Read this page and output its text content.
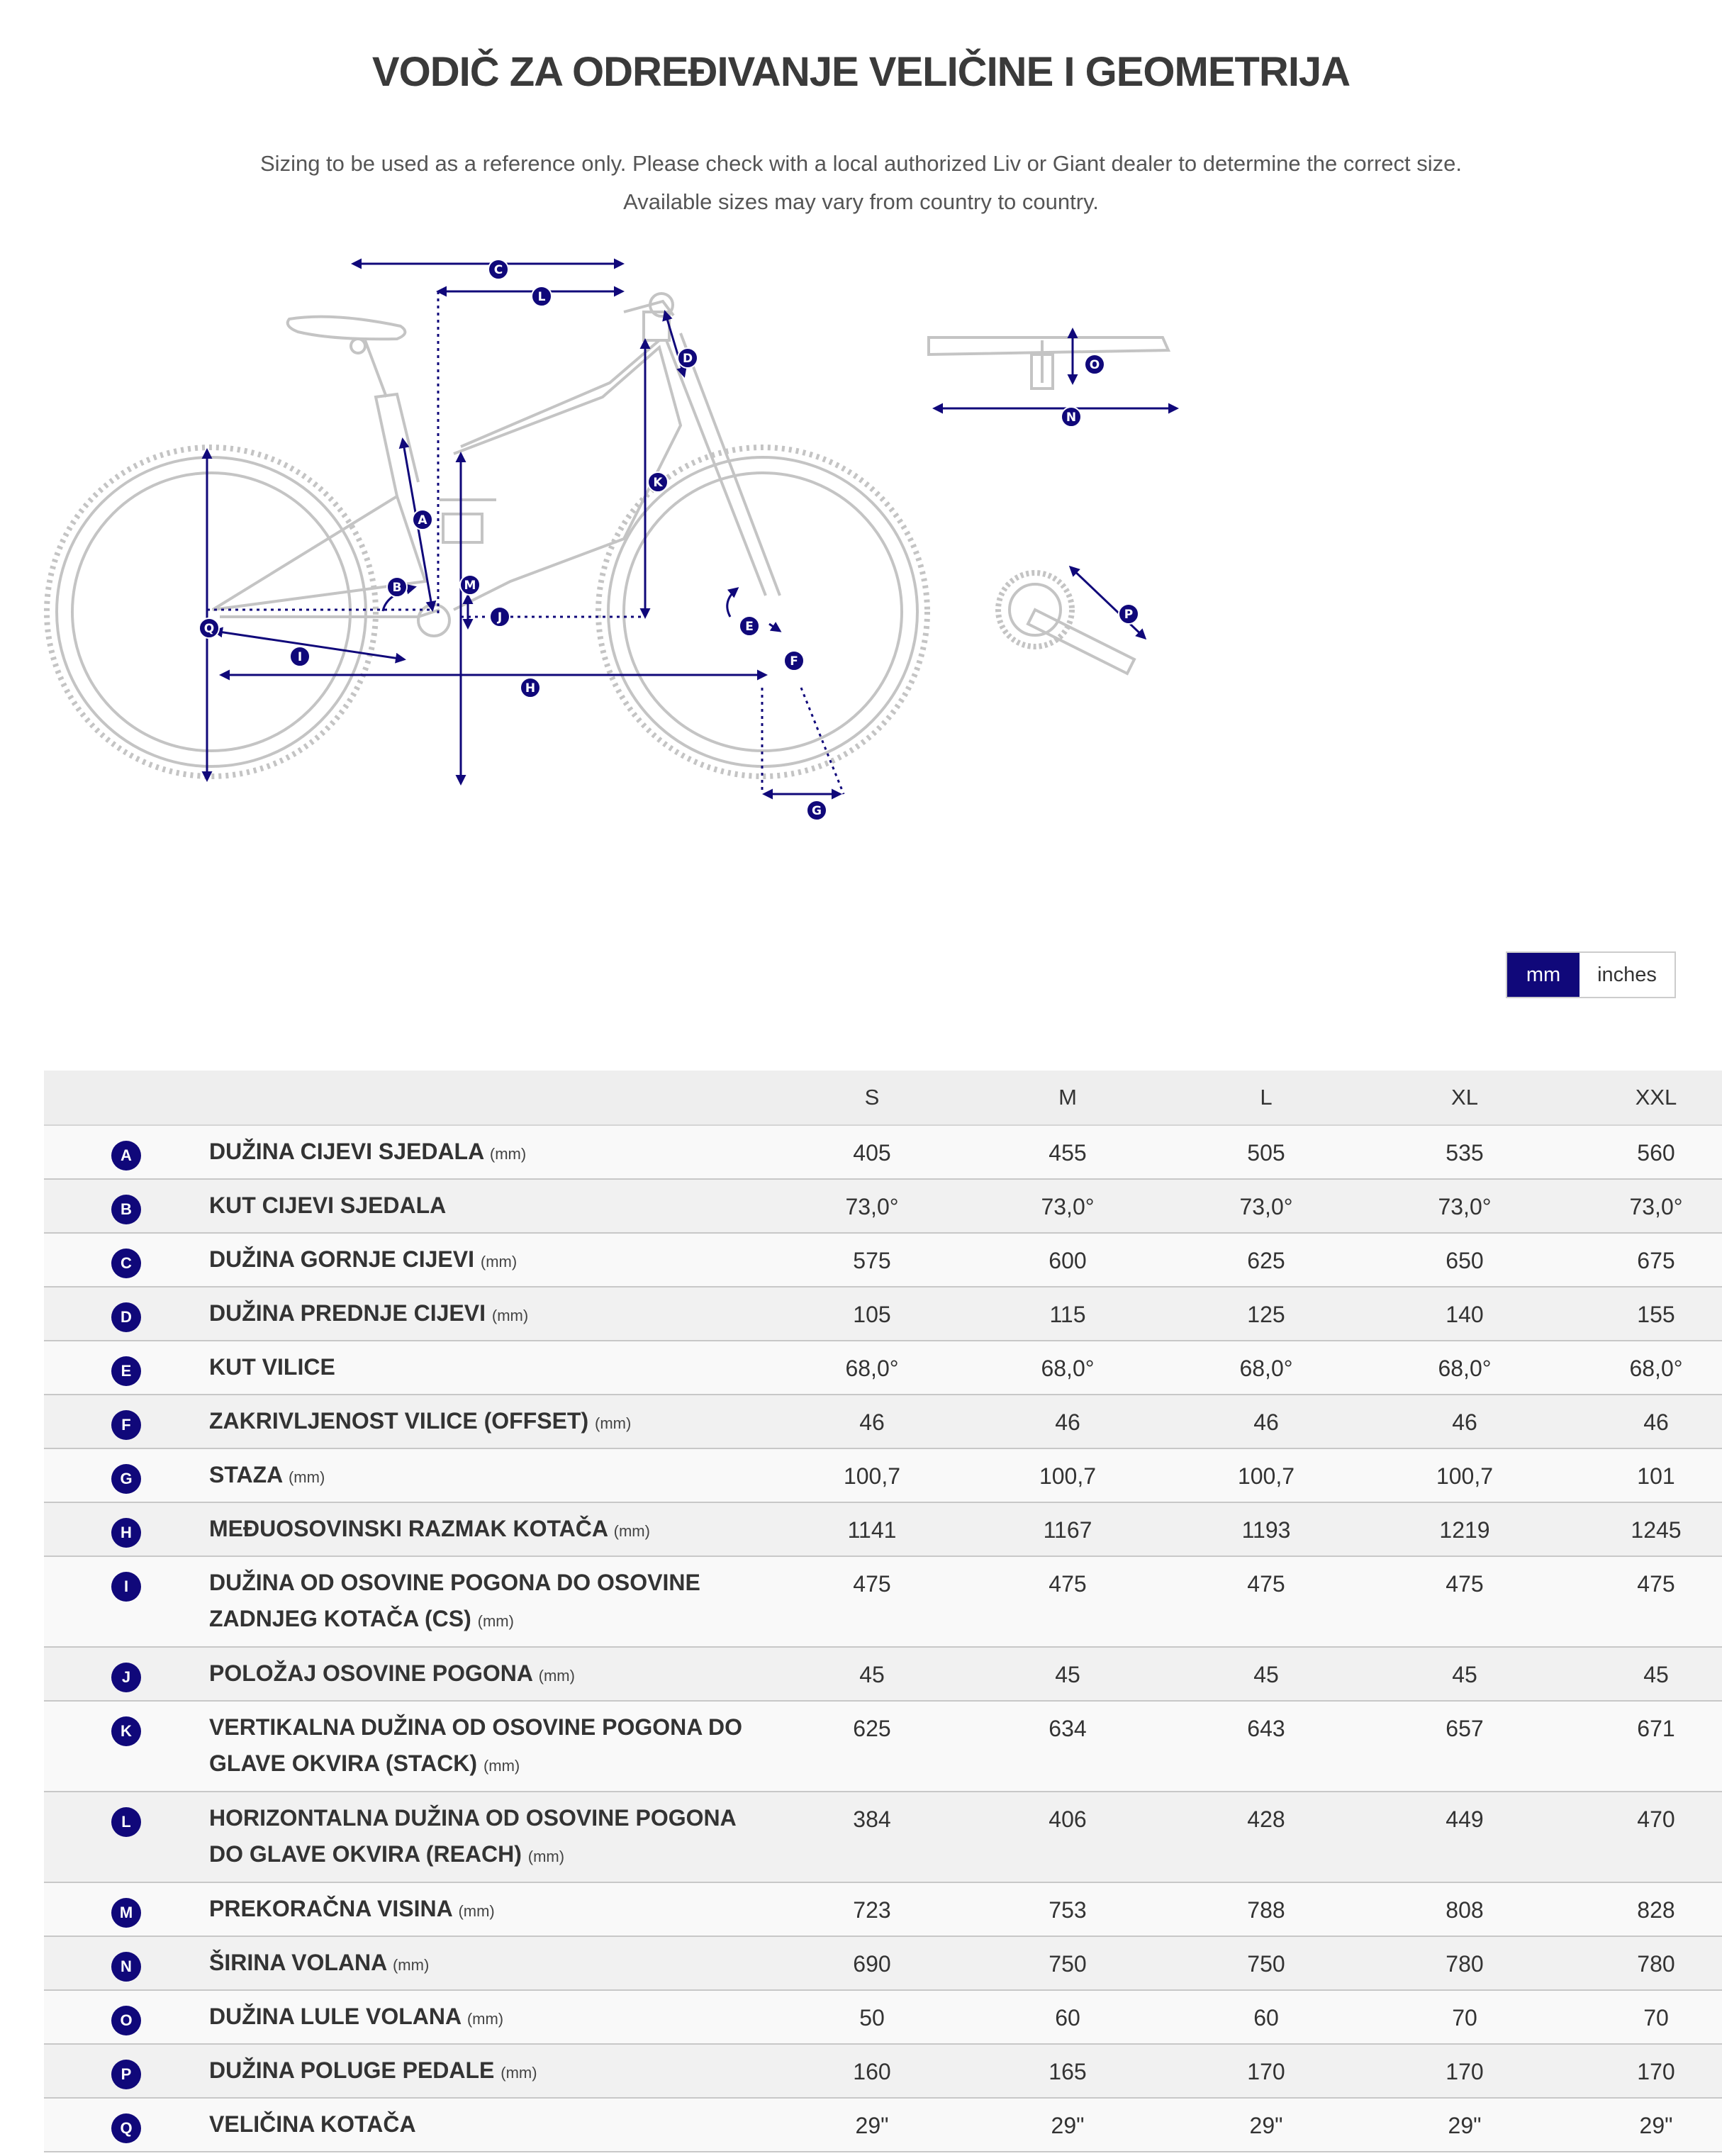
VODIČ ZA ODREĐIVANJE VELIČINE I GEOMETRIJA
Sizing to be used as a reference only. Please check with a local authorized Liv or Giant dealer to determine the correct size.
Available sizes may vary from country to country.
A
B
C
D
E
F
G
H
I
J
K
L
M
N
O
P
Q
mm	inches
		S	M	L	XL	XXL
A	DUŽINA CIJEVI SJEDALA (mm)	405	455	505	535	560
B	KUT CIJEVI SJEDALA	73,0°	73,0°	73,0°	73,0°	73,0°
C	DUŽINA GORNJE CIJEVI (mm)	575	600	625	650	675
D	DUŽINA PREDNJE CIJEVI (mm)	105	115	125	140	155
E	KUT VILICE	68,0°	68,0°	68,0°	68,0°	68,0°
F	ZAKRIVLJENOST VILICE (OFFSET) (mm)	46	46	46	46	46
G	STAZA (mm)	100,7	100,7	100,7	100,7	101
H	MEĐUOSOVINSKI RAZMAK KOTAČA (mm)	1141	1167	1193	1219	1245
I	DUŽINA OD OSOVINE POGONA DO OSOVINE ZADNJEG KOTAČA (CS) (mm)	475	475	475	475	475
J	POLOŽAJ OSOVINE POGONA (mm)	45	45	45	45	45
K	VERTIKALNA DUŽINA OD OSOVINE POGONA DO GLAVE OKVIRA (STACK) (mm)	625	634	643	657	671
L	HORIZONTALNA DUŽINA OD OSOVINE POGONA DO GLAVE OKVIRA (REACH) (mm)	384	406	428	449	470
M	PREKORAČNA VISINA (mm)	723	753	788	808	828
N	ŠIRINA VOLANA (mm)	690	750	750	780	780
O	DUŽINA LULE VOLANA (mm)	50	60	60	70	70
P	DUŽINA POLUGE PEDALE (mm)	160	165	170	170	170
Q	VELIČINA KOTAČA	29"	29"	29"	29"	29"
